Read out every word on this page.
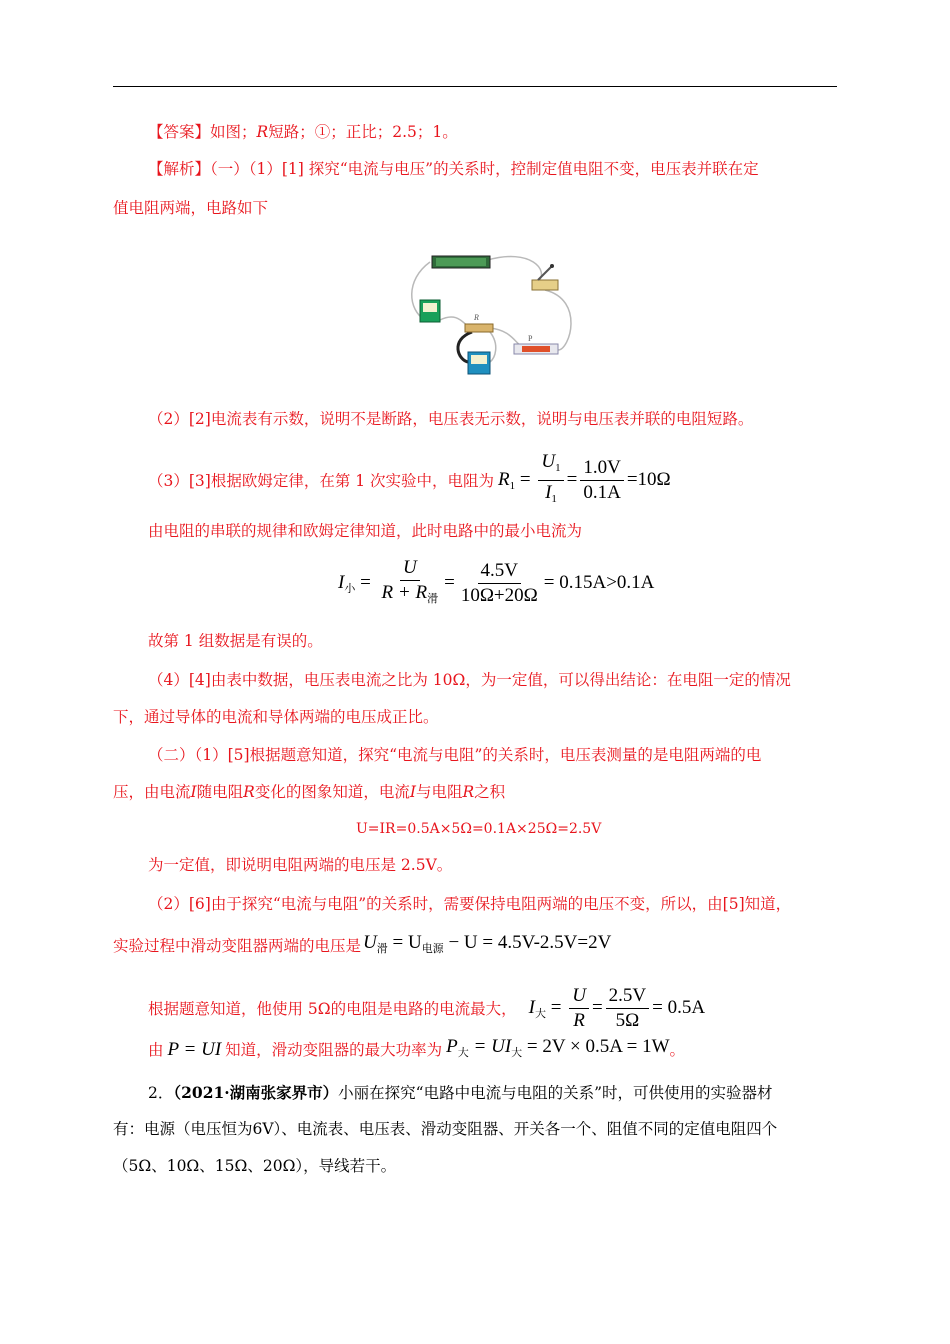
【答案】如图；R短路；①；正比；2.5；1。
【解析】（一）（1）[1] 探究“电流与电压”的关系时，控制定值电阻不变，电压表并联在定
值电阻两端，电路如下
R
P
（2）[2]电流表有示数，说明不是断路，电压表无示数，说明与电压表并联的电阻短路。
（3）[3]根据欧姆定律，在第 1 次实验中，电阻为 $R_1 = \frac{U_1}{I_1} = \frac{1.0V}{0.1A} =10\Omega$
由电阻的串联的规律和欧姆定律知道，此时电路中的最小电流为
$I_小 = \frac{U}{R + R_滑} = \frac{4.5V}{10\Omega+20\Omega} = 0.15A>0.1A$
故第 1 组数据是有误的。
（4）[4]由表中数据，电压表电流之比为 10Ω，为一定值，可以得出结论：在电阻一定的情况
下，通过导体的电流和导体两端的电压成正比。
（二）（1）[5]根据题意知道，探究“电流与电阻”的关系时，电压表测量的是电阻两端的电
压，由电流I随电阻R变化的图象知道，电流I与电阻R之积
U=IR=0.5A×5Ω=0.1A×25Ω=2.5V
为一定值，即说明电阻两端的电压是 2.5V。
（2）[6]由于探究“电流与电阻”的关系时，需要保持电阻两端的电压不变，所以，由[5]知道，
实验过程中滑动变阻器两端的电压是 $U_滑 = U_{电源} - U = 4.5V-2.5V=2V$
根据题意知道，他使用 5Ω的电阻是电路的电流最大， $I_大 = \frac{U}{R} = \frac{2.5V}{5\Omega} = 0.5A$
由 P = UI 知道，滑动变阻器的最大功率为 $P_大 = UI_大 = 2V \times 0.5A = 1W$ 。
2．（2021·湖南张家界市）小丽在探究“电路中电流与电阻的关系”时，可供使用的实验器材
有：电源（电压恒为6V）、电流表、电压表、滑动变阻器、开关各一个、阻值不同的定值电阻四个
（5Ω、10Ω、15Ω、20Ω），导线若干。
